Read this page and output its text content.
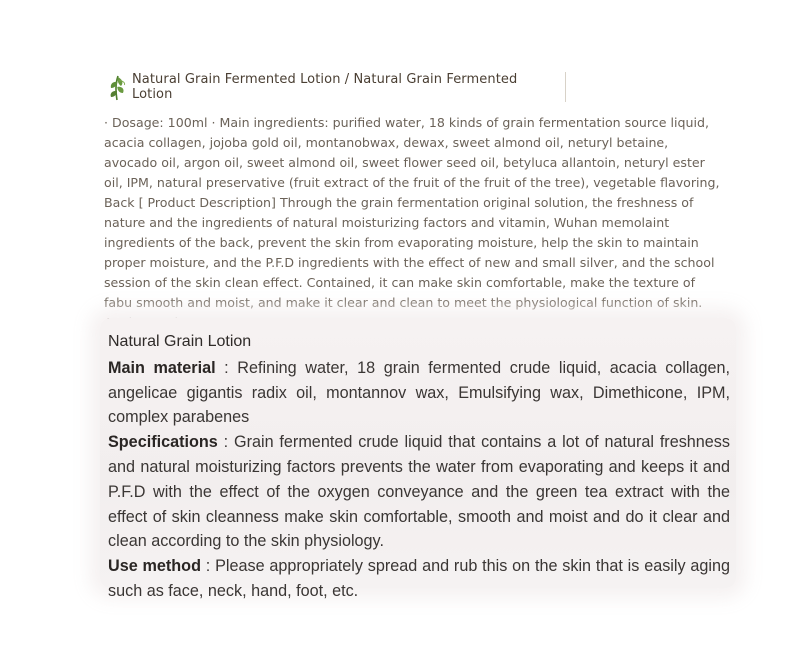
Natural Grain Fermented Lotion / Natural Grain Fermented Lotion

· Dosage: 100ml · Main ingredients: purified water, 18 kinds of grain fermentation source liquid, acacia collagen, jojoba gold oil, montanobwax, dewax, sweet almond oil, neturyl betaine, avocado oil, argon oil, sweet almond oil, sweet flower seed oil, betyluca allantoin, neturyl ester oil, IPM, natural preservative (fruit extract of the fruit of the fruit of the tree), vegetable flavoring, Back [ Product Description] Through the grain fermentation original solution, the freshness of nature and the ingredients of natural moisturizing factors and vitamin, Wuhan memolaint ingredients of the back, prevent the skin from evaporating moisture, help the skin to maintain proper moisture, and the P.F.D ingredients with the effect of new and small silver, and the school session of the skin clean effect. Contained, it can make skin comfortable, make the texture of fabu smooth and moist, and make it clear and clean to meet the physiological function of skin.

Natural Grain Lotion

Main material : Refining water, 18 grain fermented crude liquid, acacia collagen, angelicae gigantis radix oil, montannov wax, Emulsifying wax, Dimethicone, IPM, complex parabenes

Specifications : Grain fermented crude liquid that contains a lot of natural freshness and natural moisturizing factors prevents the water from evaporating and keeps it and P.F.D with the effect of the oxygen conveyance and the green tea extract with the effect of skin cleanness make skin comfortable, smooth and moist and do it clear and clean according to the skin physiology.

Use method : Please appropriately spread and rub this on the skin that is easily aging such as face, neck, hand, foot, etc.
